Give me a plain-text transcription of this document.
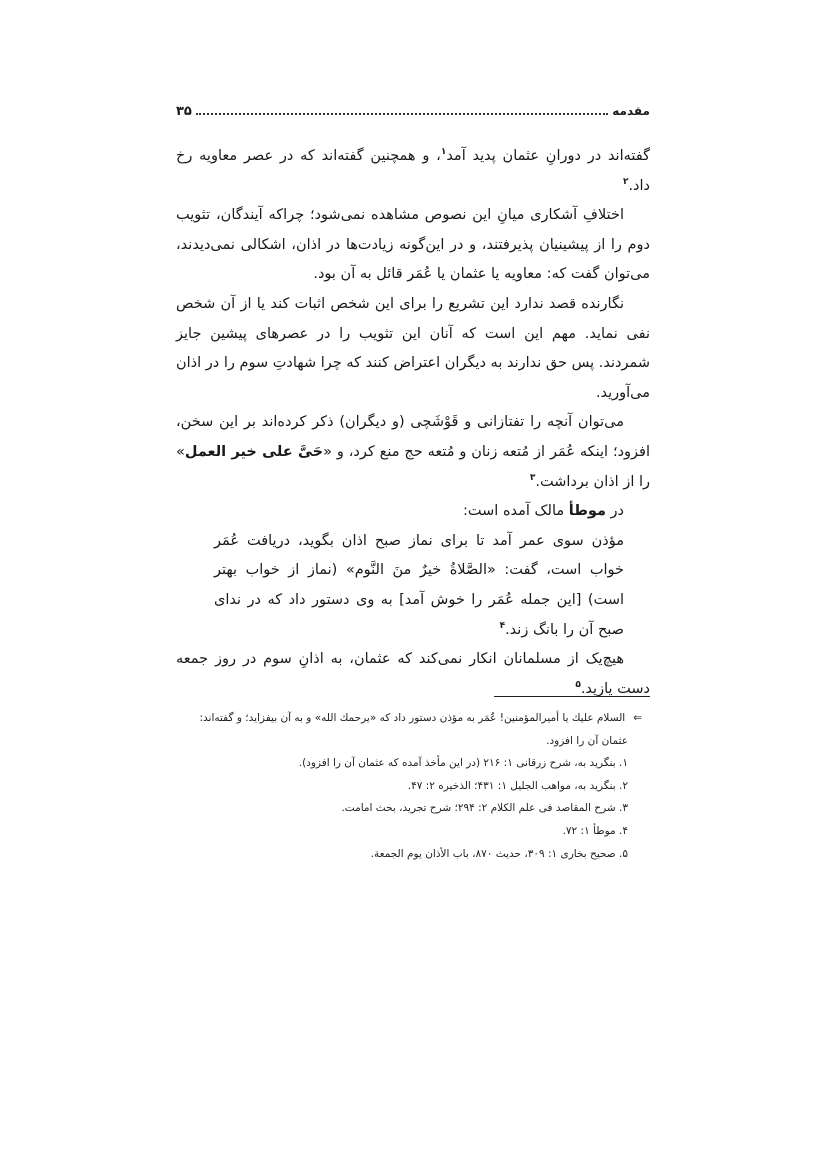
مقدمه
۳۵

گفته‌اند در دورانِ عثمان پدید آمد$^۱$، و همچنین گفته‌اند که در عصر معاویه رخ داد.$^۲$

اختلافِ آشکاری میانِ این نصوص مشاهده نمی‌شود؛ چراکه آیندگان، تثویب دوم را از پیشینیان پذیرفتند، و در این‌گونه زیادت‌ها در اذان، اشکالی نمی‌دیدند، می‌توان گفت که: معاویه یا عثمان یا عُمَر قائل به آن بود.

نگارنده قصد ندارد این تشریع را برای این شخص اثبات کند یا از آن شخص نفی نماید. مهم این است که آنان این تثویب را در عصرهای پیشین جایز شمردند. پس حق ندارند به دیگران اعتراض کنند که چرا شهادتِ سوم را در اذان می‌آورید.

می‌توان آنچه را تفتازانی و قَوْشَچی (و دیگران) ذکر کرده‌اند بر این سخن، افزود؛ اینکه عُمَر از مُتعه زنان و مُتعه حج منع کرد، و «حَیَّ علی خیر العمل» را از اذان برداشت.$^۳$

در موطأ مالک آمده است:

مؤذن سوی عمر آمد تا برای نماز صبح اذان بگوید، دریافت عُمَر خواب است، گفت: «الصَّلاةُ خیرٌ منَ النَّوم» (نماز از خواب بهتر است) [این جمله عُمَر را خوش آمد] به وی دستور داد که در ندای صبح آن را بانگ زند.$^۴$

هیچ‌یک از مسلمانان انکار نمی‌کند که عثمان، به اذانِ سوم در روز جمعه دست یازید.$^۵$

⇐السلام علیك یا أمیرالمؤمنین! عُمَر به مؤذن دستور داد که «یرحمك الله» و به آن بیفزاید؛ و گفته‌اند:
عثمان آن را افزود.
۱. بنگرید به، شرح زرقانی ۱: ۲۱۶ (در این مأخذ آمده که عثمان آن را افزود).
۲. بنگرید به، مواهب الجلیل ۱: ۴۳۱؛ الذخیره ۲: ۴۷.
۳. شرح المقاصد فی علم الکلام ۲: ۲۹۴؛ شرح تجرید، بحث امامت.
۴. موطأ ۱: ۷۲.
۵. صحیح بخاری ۱: ۳۰۹، حدیث ۸۷۰، باب الأذان یوم الجمعة.
